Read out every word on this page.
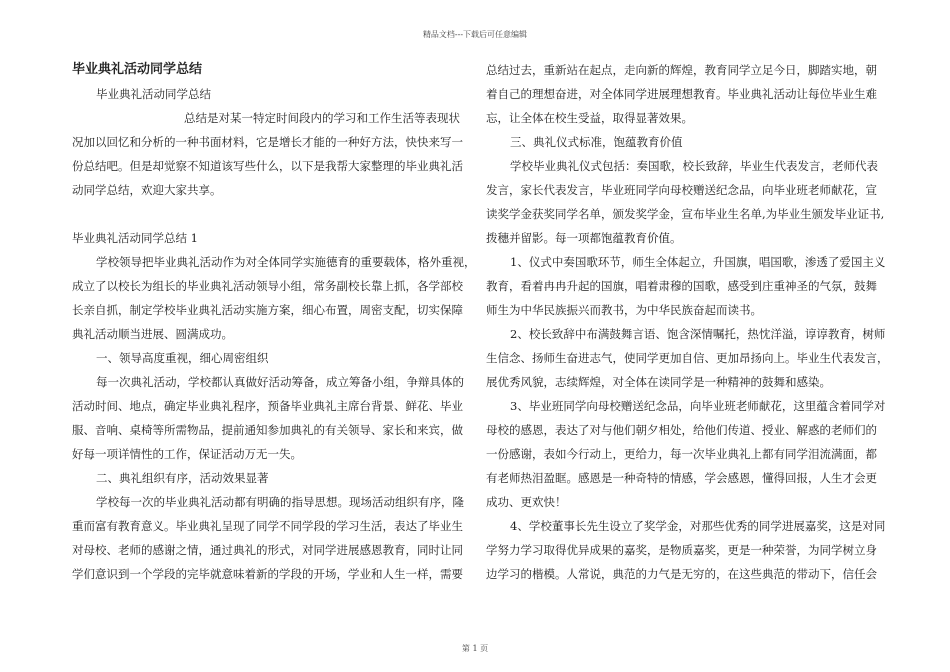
精品文档---下载后可任意编辑
毕业典礼活动同学总结
毕业典礼活动同学总结
总结是对某一特定时间段内的学习和工作生活等表现状
况加以回忆和分析的一种书面材料，它是增长才能的一种好方法，快快来写一
份总结吧。但是却觉察不知道该写些什么，以下是我帮大家整理的毕业典礼活
动同学总结，欢迎大家共享。
毕业典礼活动同学总结 1
学校领导把毕业典礼活动作为对全体同学实施德育的重要载体，格外重视，
成立了以校长为组长的毕业典礼活动领导小组，常务副校长靠上抓，各学部校
长亲自抓，制定学校毕业典礼活动实施方案，细心布置，周密支配，切实保障
典礼活动顺当进展、圆满成功。
一、领导高度重视，细心周密组织
每一次典礼活动，学校都认真做好活动筹备，成立筹备小组，争辩具体的
活动时间、地点，确定毕业典礼程序，预备毕业典礼主席台背景、鲜花、毕业
服、音响、桌椅等所需物品，提前通知参加典礼的有关领导、家长和来宾，做
好每一项详情性的工作，保证活动万无一失。
二、典礼组织有序，活动效果显著
学校每一次的毕业典礼活动都有明确的指导思想。现场活动组织有序，隆
重而富有教育意义。毕业典礼呈现了同学不同学段的学习生活，表达了毕业生
对母校、老师的感谢之情，通过典礼的形式，对同学进展感恩教育，同时让同
学们意识到一个学段的完毕就意味着新的学段的开场，学业和人生一样，需要
总结过去，重新站在起点，走向新的辉煌，教育同学立足今日，脚踏实地，朝
着自己的理想奋进，对全体同学进展理想教育。毕业典礼活动让每位毕业生难
忘，让全体在校生受益，取得显著效果。
三、典礼仪式标准，饱蕴教育价值
学校毕业典礼仪式包括：奏国歌，校长致辞，毕业生代表发言，老师代表
发言，家长代表发言，毕业班同学向母校赠送纪念品，向毕业班老师献花，宣
读奖学金获奖同学名单，颁发奖学金，宣布毕业生名单,为毕业生颁发毕业证书,
拨穗并留影。每一项都饱蕴教育价值。
1、仪式中奏国歌环节，师生全体起立，升国旗，唱国歌，渗透了爱国主义
教育，看着冉冉升起的国旗，唱着肃穆的国歌，感受到庄重神圣的气氛，鼓舞
师生为中华民族振兴而教书，为中华民族奋起而读书。
2、校长致辞中布满鼓舞言语、饱含深情嘱托，热忱洋溢，谆谆教育，树师
生信念、扬师生奋进志气，使同学更加自信、更加昂扬向上。毕业生代表发言，
展优秀风貌，志续辉煌，对全体在读同学是一种精神的鼓舞和感染。
3、毕业班同学向母校赠送纪念品，向毕业班老师献花，这里蕴含着同学对
母校的感恩，表达了对与他们朝夕相处，给他们传道、授业、解惑的老师们的
一份感谢，表如今行动上，更给力，每一次毕业典礼上都有同学泪流满面，都
有老师热泪盈眶。感恩是一种奇特的情感，学会感恩，懂得回报，人生才会更
成功、更欢快！
4、学校董事长先生设立了奖学金，对那些优秀的同学进展嘉奖，这是对同
学努力学习取得优异成果的嘉奖，是物质嘉奖，更是一种荣誉，为同学树立身
边学习的楷模。人常说，典范的力气是无穷的，在这些典范的带动下，信任会
第 1 页
